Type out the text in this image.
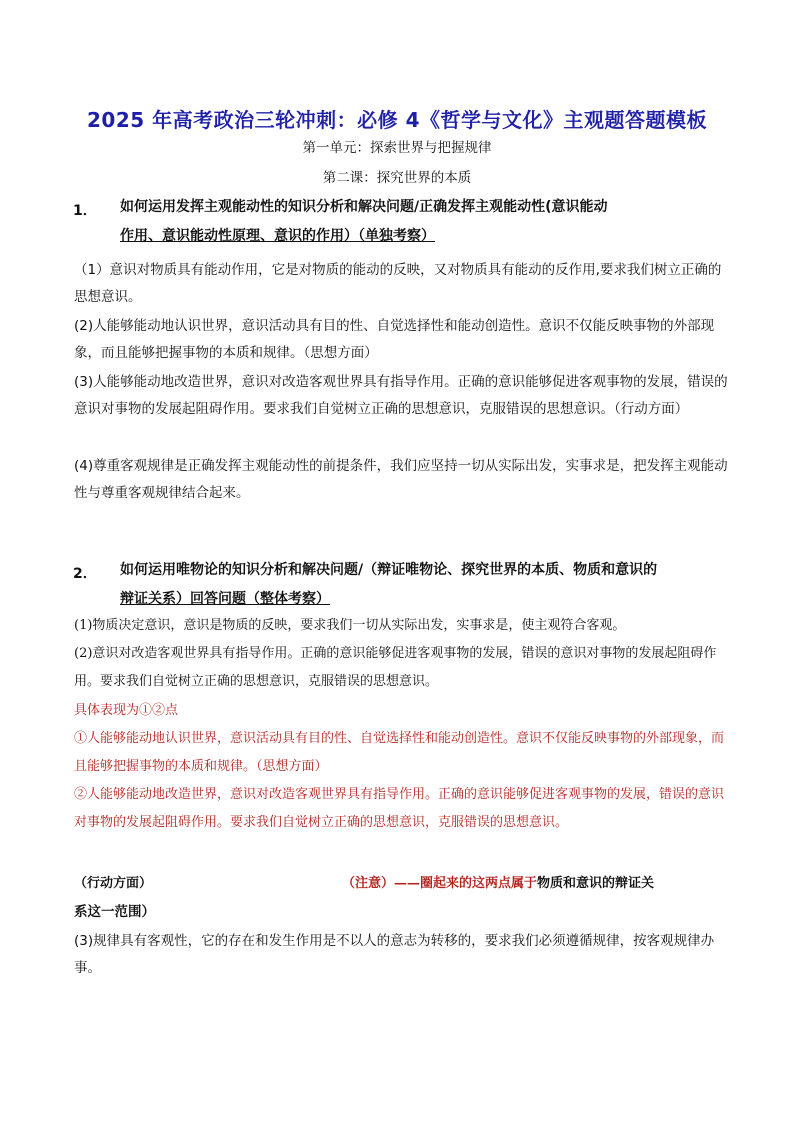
2025 年高考政治三轮冲刺：必修 4《哲学与文化》主观题答题模板
第一单元：探索世界与把握规律
第二课：探究世界的本质
1． 如何运用发挥主观能动性的知识分析和解决问题/正确发挥主观能动性(意识能动
作用、意识能动性原理、意识的作用）（单独考察）
（1）意识对物质具有能动作用，它是对物质的能动的反映，又对物质具有能动的反作用,要求我们树立正确的思想意识。
(2)人能够能动地认识世界，意识活动具有目的性、自觉选择性和能动创造性。意识不仅能反映事物的外部现象，而且能够把握事物的本质和规律。（思想方面）
(3)人能够能动地改造世界，意识对改造客观世界具有指导作用。正确的意识能够促进客观事物的发展，错误的意识对事物的发展起阻碍作用。要求我们自觉树立正确的思想意识，克服错误的思想意识。（行动方面）
(4)尊重客观规律是正确发挥主观能动性的前提条件，我们应坚持一切从实际出发，实事求是，把发挥主观能动性与尊重客观规律结合起来。
2． 如何运用唯物论的知识分析和解决问题/（辩证唯物论、探究世界的本质、物质和意识的
辩证关系）回答问题（整体考察）
(1)物质决定意识，意识是物质的反映，要求我们一切从实际出发，实事求是，使主观符合客观。
(2)意识对改造客观世界具有指导作用。正确的意识能够促进客观事物的发展，错误的意识对事物的发展起阻碍作用。要求我们自觉树立正确的思想意识，克服错误的思想意识。
具体表现为①②点
①人能够能动地认识世界，意识活动具有目的性、自觉选择性和能动创造性。意识不仅能反映事物的外部现象，而且能够把握事物的本质和规律。（思想方面）
②人能够能动地改造世界，意识对改造客观世界具有指导作用。正确的意识能够促进客观事物的发展，错误的意识对事物的发展起阻碍作用。要求我们自觉树立正确的思想意识，克服错误的思想意识。
（行动方面）	（注意）——圈起来的这两点属于物质和意识的辩证关
系这一范围）
(3)规律具有客观性，它的存在和发生作用是不以人的意志为转移的，要求我们必须遵循规律，按客观规律办事。
